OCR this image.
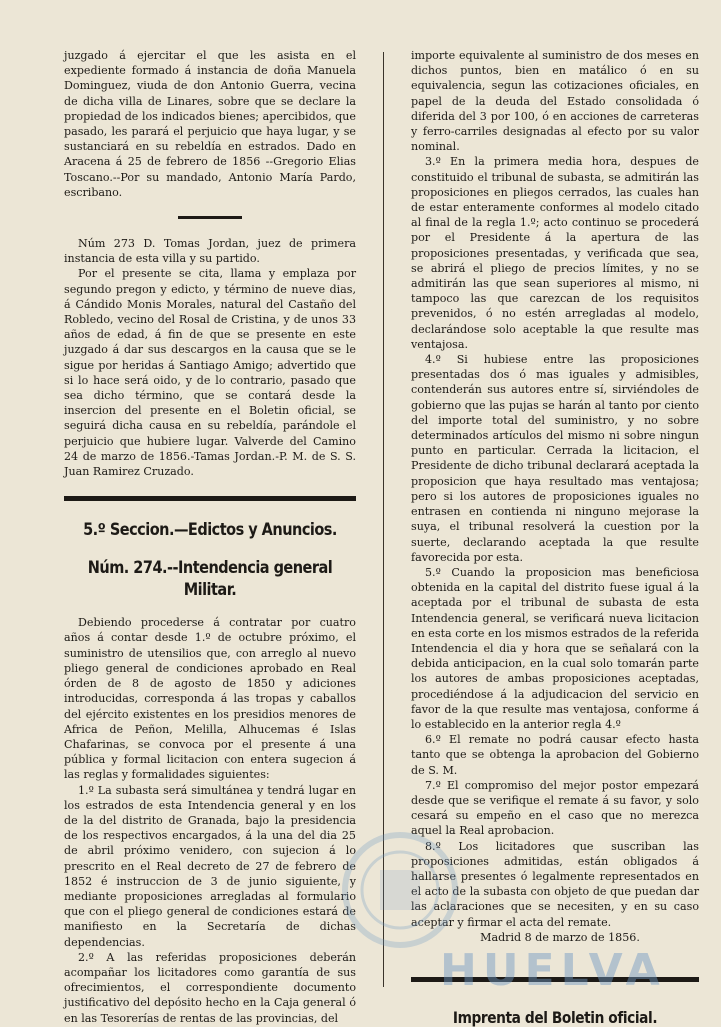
juzgado á ejercitar el que les asista en el expediente formado á instancia de doña Manuela Dominguez, viuda de don Antonio Guerra, vecina de dicha villa de Linares, sobre que se declare la propiedad de los indicados bienes; apercibidos, que pasado, les parará el perjuicio que haya lugar, y se sustanciará en su rebeldía en estrados. Dado en Aracena á 25 de febrero de 1856 --Gregorio Elias Toscano.--Por su mandado, Antonio María Pardo, escribano.

Núm 273 D. Tomas Jordan, juez de primera instancia de esta villa y su partido.

Por el presente se cita, llama y emplaza por segundo pregon y edicto, y término de nueve dias, á Cándido Monis Morales, natural del Castaño del Robledo, vecino del Rosal de Cristina, y de unos 33 años de edad, á fin de que se presente en este juzgado á dar sus descargos en la causa que se le sigue por heridas á Santiago Amigo; advertido que si lo hace será oido, y de lo contrario, pasado que sea dicho término, que se contará desde la insercion del presente en el Boletin oficial, se seguirá dicha causa en su rebeldía, parándole el perjuicio que hubiere lugar. Valverde del Camino 24 de marzo de 1856.-Tamas Jordan.-P. M. de S. S. Juan Ramirez Cruzado.

5.º Seccion.—Edictos y Anuncios.
Núm. 274.--Intendencia general Militar.

Debiendo procederse á contratar por cuatro años á contar desde 1.º de octubre próximo, el suministro de utensilios que, con arreglo al nuevo pliego general de condiciones aprobado en Real órden de 8 de agosto de 1850 y adiciones introducidas, corresponda á las tropas y caballos del ejército existentes en los presidios menores de Africa de Peñon, Melilla, Alhucemas é Islas Chafarinas, se convoca por el presente á una pública y formal licitacion con entera sugecion á las reglas y formalidades siguientes:

1.º La subasta será simultánea y tendrá lugar en los estrados de esta Intendencia general y en los de la del distrito de Granada, bajo la presidencia de los respectivos encargados, á la una del dia 25 de abril próximo venidero, con sujecion á lo prescrito en el Real decreto de 27 de febrero de 1852 é instruccion de 3 de junio siguiente, y mediante proposiciones arregladas al formulario que con el pliego general de condiciones estará de manifiesto en la Secretaría de dichas dependencias.

2.º A las referidas proposiciones deberán acompañar los licitadores como garantía de sus ofrecimientos, el correspondiente documento justificativo del depósito hecho en la Caja general ó en las Tesorerías de rentas de las provincias, del

importe equivalente al suministro de dos meses en dichos puntos, bien en matálico ó en su equivalencia, segun las cotizaciones oficiales, en papel de la deuda del Estado consolidada ó diferida del 3 por 100, ó en acciones de carreteras y ferro-carriles designadas al efecto por su valor nominal.

3.º En la primera media hora, despues de constituido el tribunal de subasta, se admitirán las proposiciones en pliegos cerrados, las cuales han de estar enteramente conformes al modelo citado al final de la regla 1.º; acto continuo se procederá por el Presidente á la apertura de las proposiciones presentadas, y verificada que sea, se abrirá el pliego de precios límites, y no se admitirán las que sean superiores al mismo, ni tampoco las que carezcan de los requisitos prevenidos, ó no estén arregladas al modelo, declarándose solo aceptable la que resulte mas ventajosa.

4.º Si hubiese entre las proposiciones presentadas dos ó mas iguales y admisibles, contenderán sus autores entre sí, sirviéndoles de gobierno que las pujas se harán al tanto por ciento del importe total del suministro, y no sobre determinados artículos del mismo ni sobre ningun punto en particular. Cerrada la licitacion, el Presidente de dicho tribunal declarará aceptada la proposicion que haya resultado mas ventajosa; pero si los autores de proposiciones iguales no entrasen en contienda ni ninguno mejorase la suya, el tribunal resolverá la cuestion por la suerte, declarando aceptada la que resulte favorecida por esta.

5.º Cuando la proposicion mas beneficiosa obtenida en la capital del distrito fuese igual á la aceptada por el tribunal de subasta de esta Intendencia general, se verificará nueva licitacion en esta corte en los mismos estrados de la referida Intendencia el dia y hora que se señalará con la debida anticipacion, en la cual solo tomarán parte los autores de ambas proposiciones aceptadas, procediéndose á la adjudicacion del servicio en favor de la que resulte mas ventajosa, conforme á lo establecido en la anterior regla 4.º

6.º El remate no podrá causar efecto hasta tanto que se obtenga la aprobacion del Gobierno de S. M.

7.º El compromiso del mejor postor empezará desde que se verifique el remate á su favor, y solo cesará su empeño en el caso que no merezca aquel la Real aprobacion.

8.º Los licitadores que suscriban las proposiciones admitidas, están obligados á hallarse presentes ó legalmente representados en el acto de la subasta con objeto de que puedan dar las aclaraciones que se necesiten, y en su caso aceptar y firmar el acta del remate.

Madrid 8 de marzo de 1856.

Imprenta del Boletin oficial.
HUELVA
